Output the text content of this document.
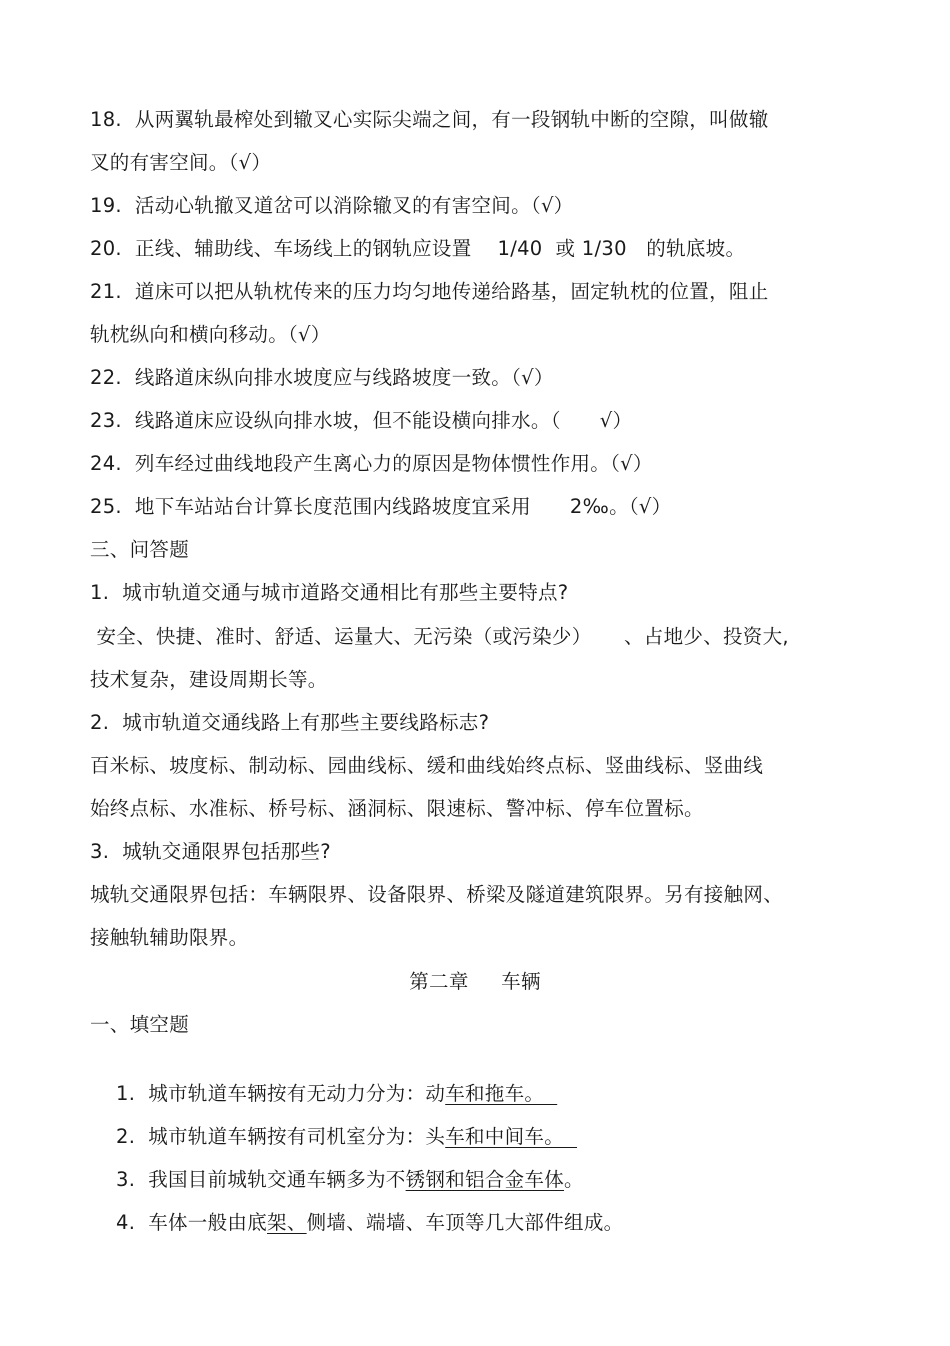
18.  从两翼轨最榨处到辙叉心实际尖端之间，有一段钢轨中断的空隙，叫做辙
叉的有害空间。（√）
19.  活动心轨撤叉道岔可以消除辙叉的有害空间。（√）
20.  正线、辅助线、车场线上的钢轨应设置    1/40  或 1/30   的轨底坡。
21.  道床可以把从轨枕传来的压力均匀地传递给路基，固定轨枕的位置，阻止
轨枕纵向和横向移动。（√）
22.  线路道床纵向排水坡度应与线路坡度一致。（√）
23.  线路道床应设纵向排水坡，但不能设横向排水。（      √）
24.  列车经过曲线地段产生离心力的原因是物体惯性作用。（√）
25.  地下车站站台计算长度范围内线路坡度宜采用      2‰。（√）
三、问答题
1.  城市轨道交通与城市道路交通相比有那些主要特点?
安全、快捷、准时、舒适、运量大、无污染（或污染少）     、占地少、投资大,
技术复杂，建设周期长等。
2.  城市轨道交通线路上有那些主要线路标志?
百米标、坡度标、制动标、园曲线标、缓和曲线始终点标、竖曲线标、竖曲线
始终点标、水准标、桥号标、涵洞标、限速标、警冲标、停车位置标。
3.  城轨交通限界包括那些?
城轨交通限界包括：车辆限界、设备限界、桥梁及隧道建筑限界。另有接触网、
接触轨辅助限界。
第二章     车辆
一、填空题

1.  城市轨道车辆按有无动力分为：动车和拖车。

2.  城市轨道车辆按有司机室分为：头车和中间车。

3.  我国目前城轨交通车辆多为不锈钢和铝合金车体。

4.  车体一般由底架、侧墙、端墙、车顶等几大部件组成。
